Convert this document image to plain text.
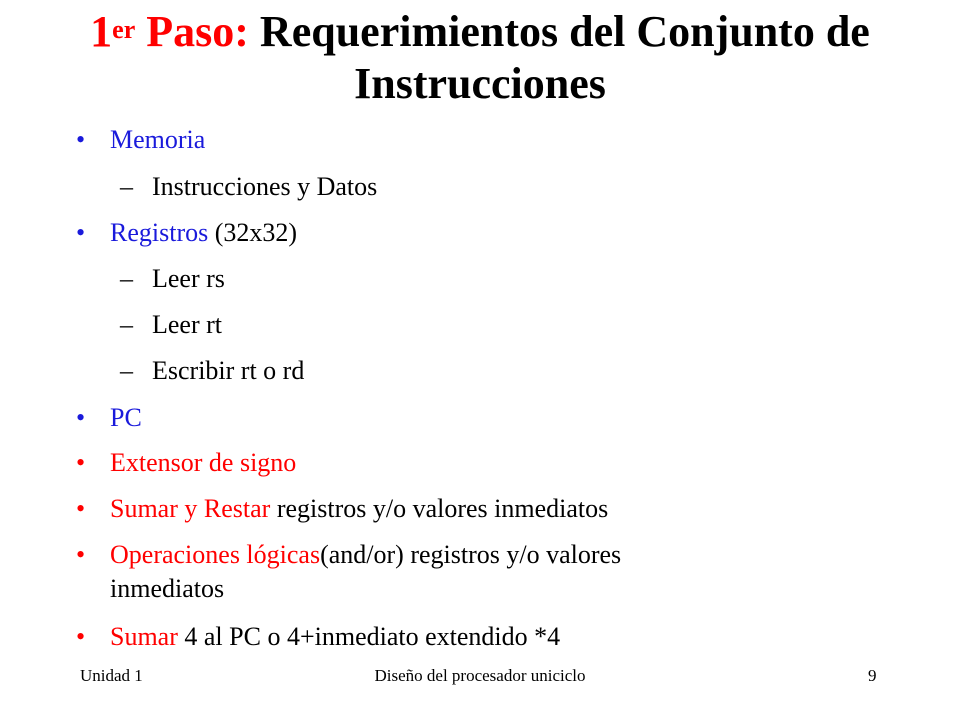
1er Paso: Requerimientos del Conjunto de
Instrucciones
• Memoria
– Instrucciones y Datos
• Registros (32x32)
– Leer rs
– Leer rt
– Escribir rt o rd
• PC
• Extensor de signo
• Sumar y Restar registros y/o valores inmediatos
• Operaciones lógicas(and/or) registros y/o valores
inmediatos
• Sumar 4 al PC o 4+inmediato extendido *4
Unidad 1	Diseño del procesador uniciclo	9
